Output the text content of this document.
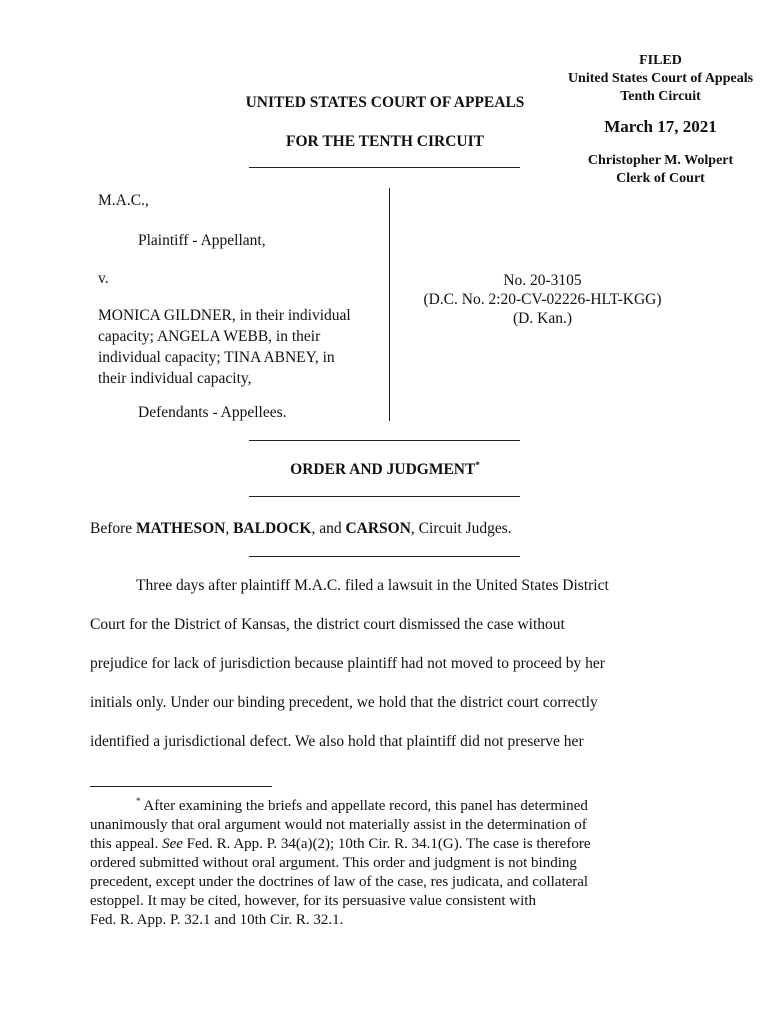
FILED
United States Court of Appeals
Tenth Circuit
March 17, 2021
Christopher M. Wolpert
Clerk of Court
UNITED STATES COURT OF APPEALS
FOR THE TENTH CIRCUIT
M.A.C.,
Plaintiff - Appellant,
v.
MONICA GILDNER, in their individual
capacity; ANGELA WEBB, in their
individual capacity; TINA ABNEY, in
their individual capacity,
Defendants - Appellees.
No. 20-3105
(D.C. No. 2:20-CV-02226-HLT-KGG)
(D. Kan.)
ORDER AND JUDGMENT*
Before MATHESON, BALDOCK, and CARSON, Circuit Judges.
Three days after plaintiff M.A.C. filed a lawsuit in the United States District
Court for the District of Kansas, the district court dismissed the case without
prejudice for lack of jurisdiction because plaintiff had not moved to proceed by her
initials only. Under our binding precedent, we hold that the district court correctly
identified a jurisdictional defect. We also hold that plaintiff did not preserve her
* After examining the briefs and appellate record, this panel has determined
unanimously that oral argument would not materially assist in the determination of
this appeal. See Fed. R. App. P. 34(a)(2); 10th Cir. R. 34.1(G). The case is therefore
ordered submitted without oral argument. This order and judgment is not binding
precedent, except under the doctrines of law of the case, res judicata, and collateral
estoppel. It may be cited, however, for its persuasive value consistent with
Fed. R. App. P. 32.1 and 10th Cir. R. 32.1.
